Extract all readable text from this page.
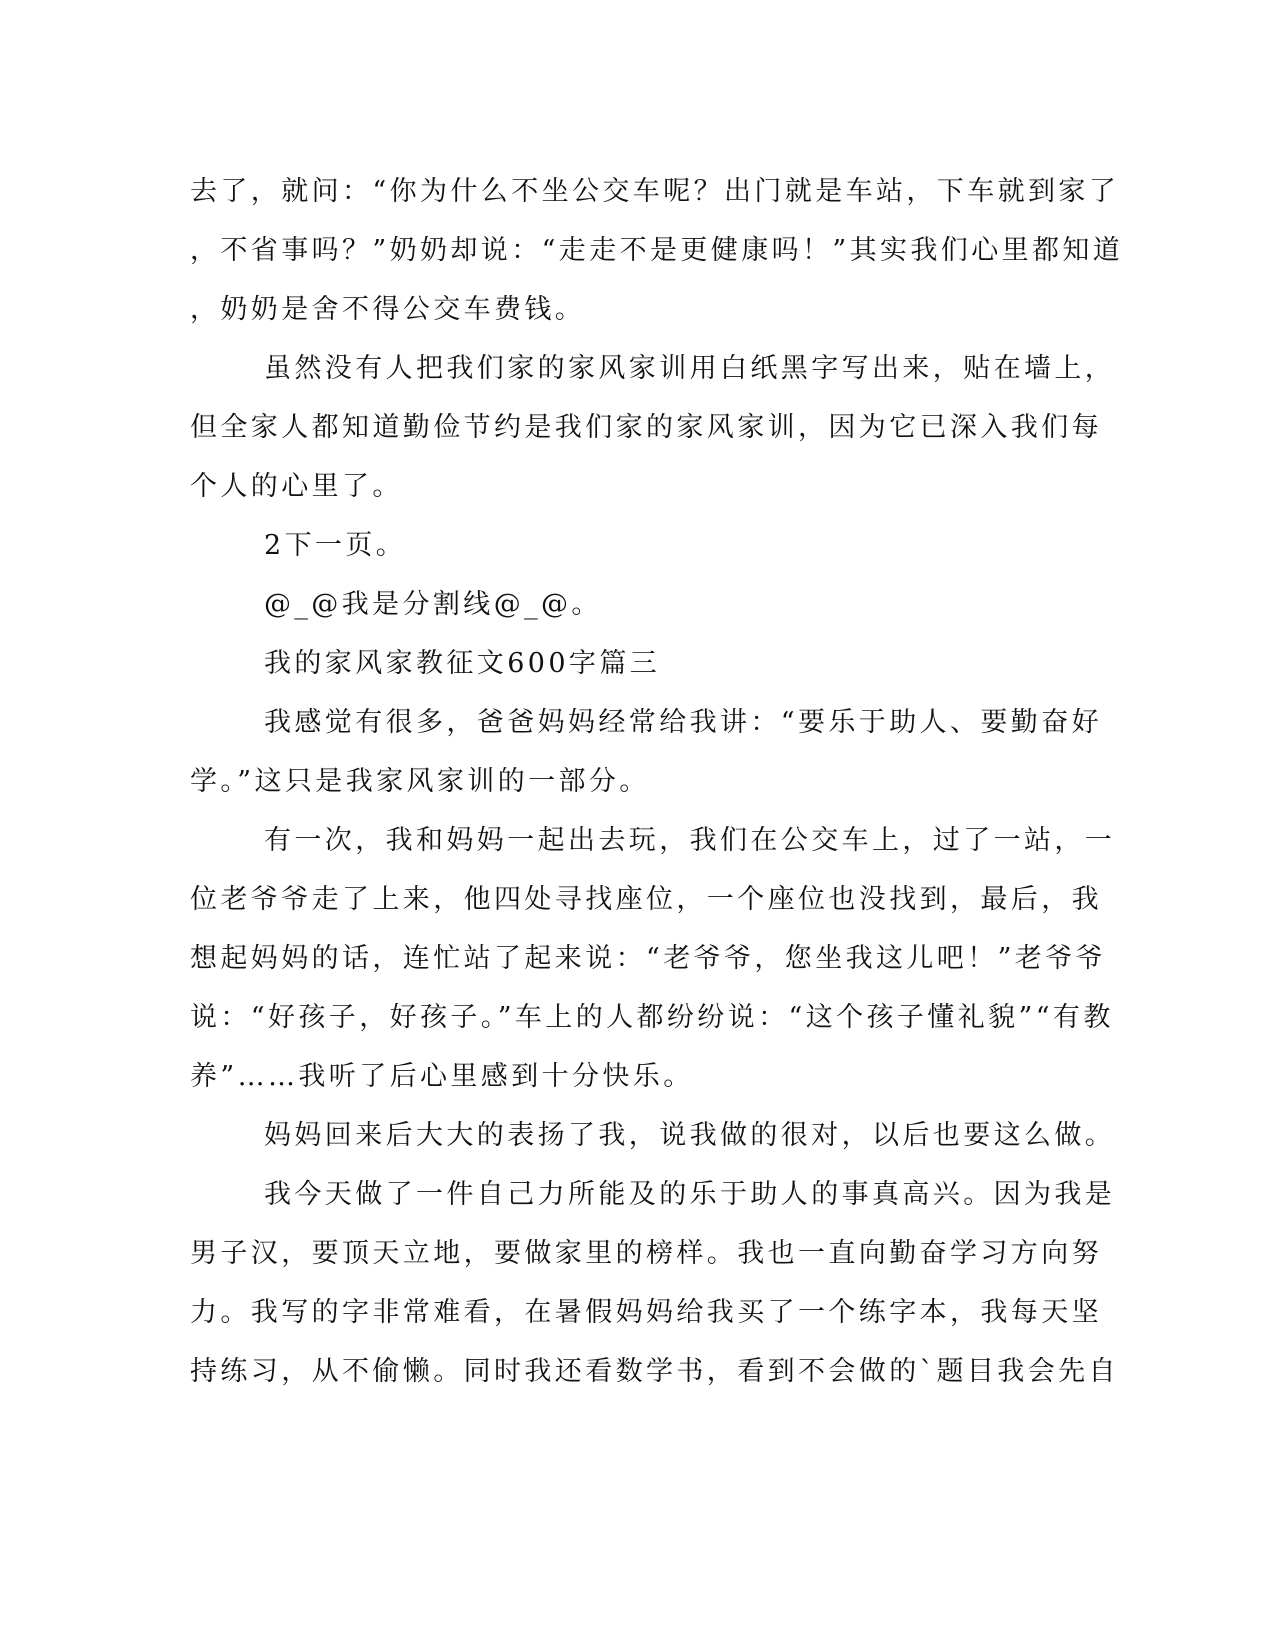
去了，就问：“你为什么不坐公交车呢？出门就是车站，下车就到家了
，不省事吗？”奶奶却说：“走走不是更健康吗！”其实我们心里都知道
，奶奶是舍不得公交车费钱。
虽然没有人把我们家的家风家训用白纸黑字写出来，贴在墙上，
但全家人都知道勤俭节约是我们家的家风家训，因为它已深入我们每
个人的心里了。
2下一页。
@_@我是分割线@_@。
我的家风家教征文600字篇三
我感觉有很多，爸爸妈妈经常给我讲：“要乐于助人、要勤奋好
学。”这只是我家风家训的一部分。
有一次，我和妈妈一起出去玩，我们在公交车上，过了一站，一
位老爷爷走了上来，他四处寻找座位，一个座位也没找到，最后，我
想起妈妈的话，连忙站了起来说：“老爷爷，您坐我这儿吧！”老爷爷
说：“好孩子，好孩子。”车上的人都纷纷说：“这个孩子懂礼貌”“有教
养”……我听了后心里感到十分快乐。
妈妈回来后大大的表扬了我，说我做的很对，以后也要这么做。
我今天做了一件自己力所能及的乐于助人的事真高兴。因为我是
男子汉，要顶天立地，要做家里的榜样。我也一直向勤奋学习方向努
力。我写的字非常难看，在暑假妈妈给我买了一个练字本，我每天坚
持练习，从不偷懒。同时我还看数学书，看到不会做的`题目我会先自
